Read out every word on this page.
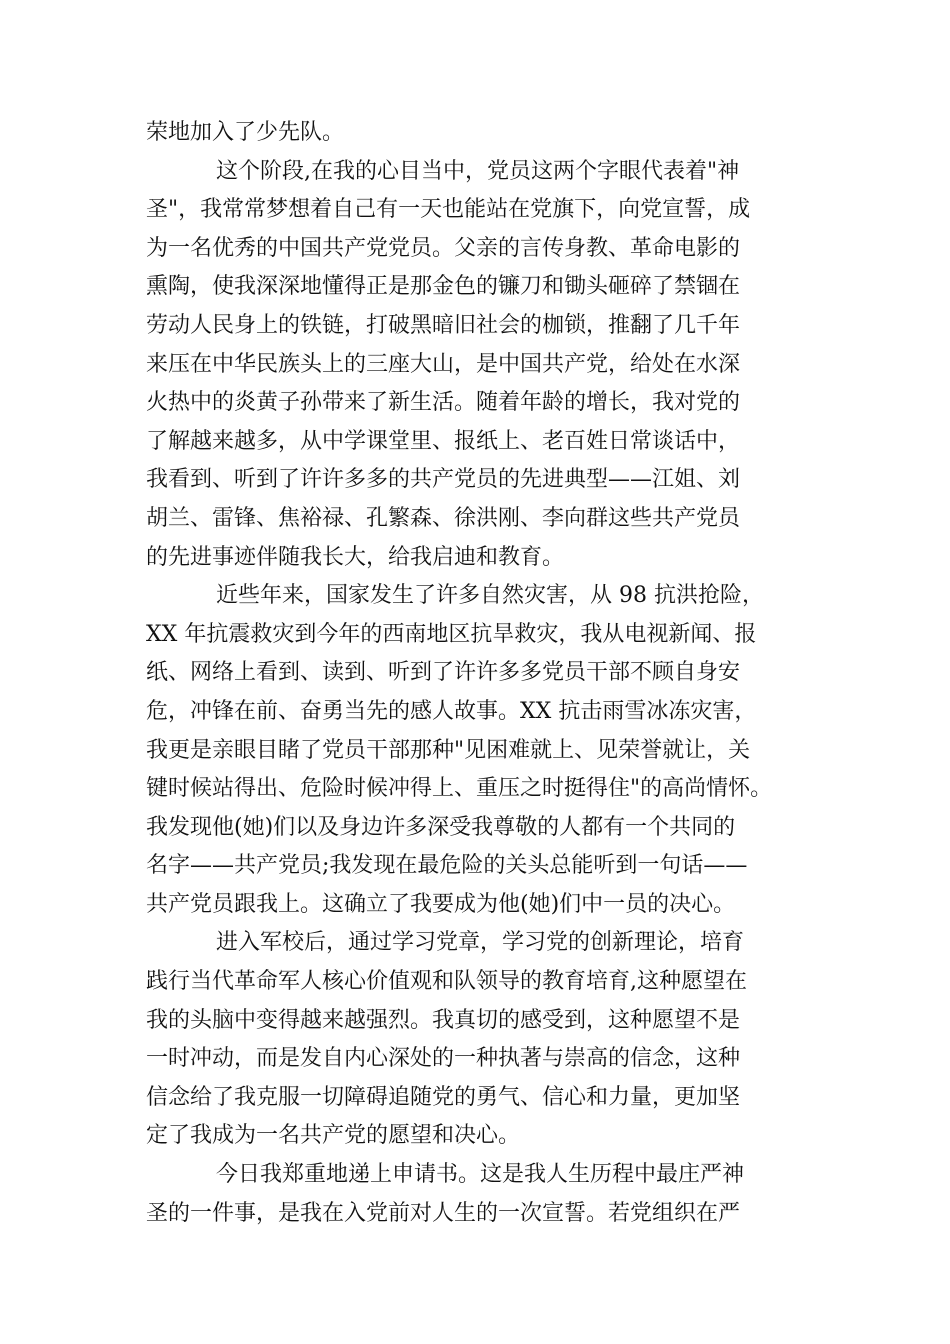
荣地加入了少先队。
这个阶段,在我的心目当中，党员这两个字眼代表着"神
圣"，我常常梦想着自己有一天也能站在党旗下，向党宣誓，成
为一名优秀的中国共产党党员。父亲的言传身教、革命电影的
熏陶，使我深深地懂得正是那金色的镰刀和锄头砸碎了禁锢在
劳动人民身上的铁链，打破黑暗旧社会的枷锁，推翻了几千年
来压在中华民族头上的三座大山，是中国共产党，给处在水深
火热中的炎黄子孙带来了新生活。随着年龄的增长，我对党的
了解越来越多，从中学课堂里、报纸上、老百姓日常谈话中，
我看到、听到了许许多多的共产党员的先进典型——江姐、刘
胡兰、雷锋、焦裕禄、孔繁森、徐洪刚、李向群这些共产党员
的先进事迹伴随我长大，给我启迪和教育。
近些年来，国家发生了许多自然灾害，从 98 抗洪抢险，
XX 年抗震救灾到今年的西南地区抗旱救灾，我从电视新闻、报
纸、网络上看到、读到、听到了许许多多党员干部不顾自身安
危，冲锋在前、奋勇当先的感人故事。XX 抗击雨雪冰冻灾害，
我更是亲眼目睹了党员干部那种"见困难就上、见荣誉就让，关
键时候站得出、危险时候冲得上、重压之时挺得住"的高尚情怀。
我发现他(她)们以及身边许多深受我尊敬的人都有一个共同的
名字——共产党员;我发现在最危险的关头总能听到一句话——
共产党员跟我上。这确立了我要成为他(她)们中一员的决心。
进入军校后，通过学习党章，学习党的创新理论，培育
践行当代革命军人核心价值观和队领导的教育培育,这种愿望在
我的头脑中变得越来越强烈。我真切的感受到，这种愿望不是
一时冲动，而是发自内心深处的一种执著与崇高的信念，这种
信念给了我克服一切障碍追随党的勇气、信心和力量，更加坚
定了我成为一名共产党的愿望和决心。
今日我郑重地递上申请书。这是我人生历程中最庄严神
圣的一件事，是我在入党前对人生的一次宣誓。若党组织在严
